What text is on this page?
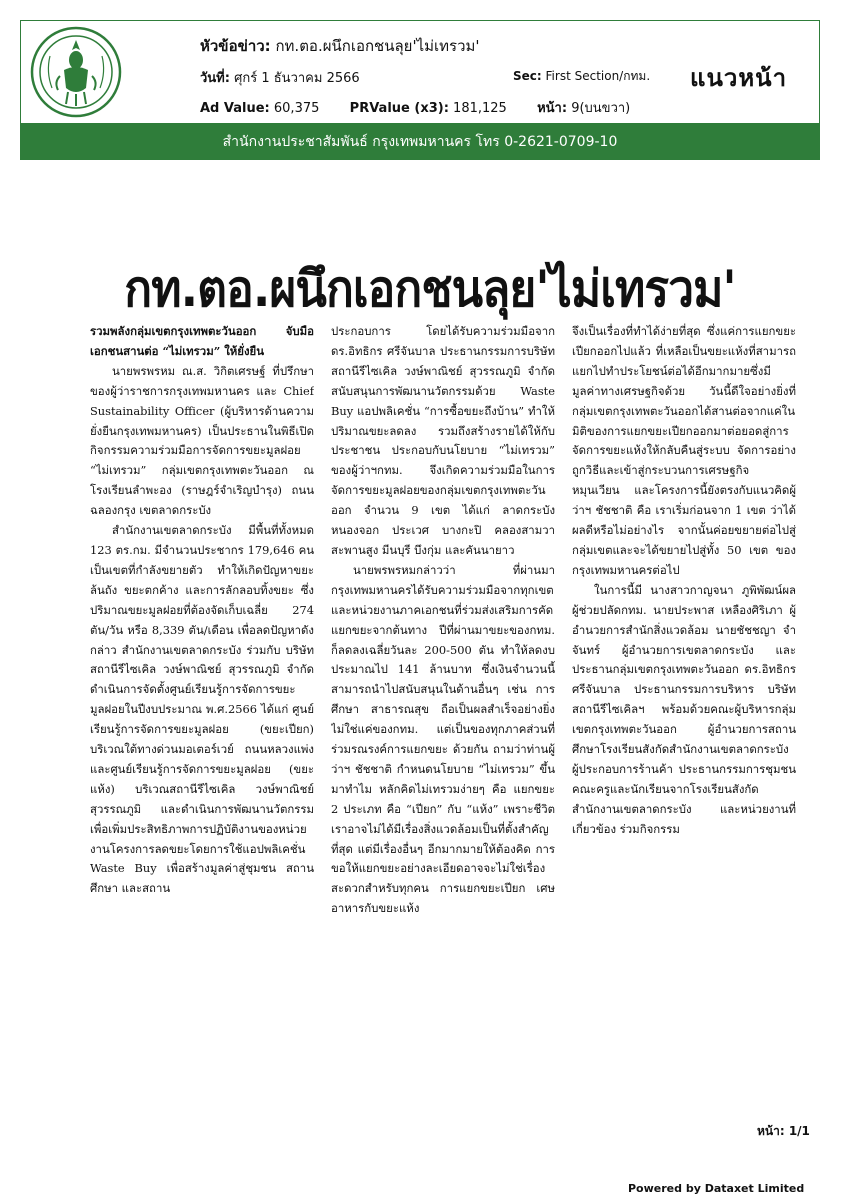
หัวข้อข่าว: กท.ตอ.ผนึกเอกชนลุย'ไม่เทรวม'
วันที่: ศุกร์ 1 ธันวาคม 2566
Ad Value: 60,375 PRValue (x3): 181,125 หน้า: 9(บนขวา)
Sec: First Section/กทม. แนวหน้า
สำนักงานประชาสัมพันธ์ กรุงเทพมหานคร โทร 0-2621-0709-10
กท.ตอ.ผนึกเอกชนลุย'ไม่เทรวม'

รวมพลังกลุ่มเขตกรุงเทพตะวันออก จับมือเอกชนสานต่อ “ไม่เทรวม” ให้ยั่งยืน

นายพรพรหม ณ.ส. วิกิตเศรษฐ์ ที่ปรึกษาของผู้ว่าราชการกรุงเทพมหานคร และ Chief Sustainability Officer (ผู้บริหารด้านความยั่งยืนกรุงเทพมหานคร) เป็นประธานในพิธีเปิดกิจกรรมความร่วมมือการจัดการขยะมูลฝอย “ไม่เทรวม” กลุ่มเขตกรุงเทพตะวันออก ณ โรงเรียนลำพะอง (ราษฎร์จำเริญบำรุง) ถนนฉลองกรุง เขตลาดกระบัง

สำนักงานเขตลาดกระบัง มีพื้นที่ทั้งหมด 123 ตร.กม. มีจำนวนประชากร 179,646 คน เป็นเขตที่กำลังขยายตัว ทำให้เกิดปัญหาขยะล้นถัง ขยะตกค้าง และการลักลอบทิ้งขยะ ซึ่งปริมาณขยะมูลฝอยที่ต้องจัดเก็บเฉลี่ย 274 ตัน/วัน หรือ 8,339 ตัน/เดือน เพื่อลดปัญหาดังกล่าว สำนักงานเขตลาดกระบัง ร่วมกับ บริษัทสถานีรีไซเคิล วงษ์พาณิชย์ สุวรรณภูมิ จำกัด ดำเนินการจัดตั้งศูนย์เรียนรู้การจัดการขยะมูลฝอยในปีงบประมาณ พ.ศ.2566 ได้แก่ ศูนย์เรียนรู้การจัดการขยะมูลฝอย (ขยะเปียก) บริเวณใต้ทางด่วนมอเตอร์เวย์ ถนนหลวงแพ่ง และศูนย์เรียนรู้การจัดการขยะมูลฝอย (ขยะแห้ง) บริเวณสถานีรีไซเคิล วงษ์พาณิชย์สุวรรณภูมิ และดำเนินการพัฒนานวัตกรรม เพื่อเพิ่มประสิทธิภาพการปฏิบัติงานของหน่วยงานโครงการลดขยะโดยการใช้แอปพลิเคชั่น Waste Buy เพื่อสร้างมูลค่าสู่ชุมชน สถานศึกษา และสถาน

ประกอบการ โดยได้รับความร่วมมือจาก ดร.อิทธิกร ศรีจันบาล ประธานกรรมการบริษัท สถานีรีไซเคิล วงษ์พาณิชย์ สุวรรณภูมิ จำกัด สนับสนุนการพัฒนานวัตกรรมด้วย Waste Buy แอปพลิเคชั่น “การซื้อขยะถึงบ้าน” ทำให้ปริมาณขยะลดลง รวมถึงสร้างรายได้ให้กับประชาชน ประกอบกับนโยบาย “ไม่เทรวม” ของผู้ว่าฯกทม. จึงเกิดความร่วมมือในการจัดการขยะมูลฝอยของกลุ่มเขตกรุงเทพตะวันออก จำนวน 9 เขต ได้แก่ ลาดกระบัง หนองจอก ประเวศ บางกะปิ คลองสามวา สะพานสูง มีนบุรี บึงกุ่ม และคันนายาว

นายพรพรหมกล่าวว่า ที่ผ่านมากรุงเทพมหานครได้รับความร่วมมือจากทุกเขต และหน่วยงานภาคเอกชนที่ร่วมส่งเสริมการคัดแยกขยะจากต้นทาง ปีที่ผ่านมาขยะของกทม. ก็ลดลงเฉลี่ยวันละ 200-500 ตัน ทำให้ลดงบประมาณไป 141 ล้านบาท ซึ่งเงินจำนวนนี้สามารถนำไปสนับสนุนในด้านอื่นๆ เช่น การศึกษา สาธารณสุข ถือเป็นผลสำเร็จอย่างยิ่งไม่ใช่แค่ของกทม. แต่เป็นของทุกภาคส่วนที่ร่วมรณรงค์การแยกขยะ ด้วยกัน ถามว่าท่านผู้ว่าฯ ชัชชาติ กำหนดนโยบาย “ไม่เทรวม” ขึ้นมาทำไม หลักคิดไม่เทรวมง่ายๆ คือ แยกขยะ 2 ประเภท คือ “เปียก” กับ “แห้ง” เพราะชีวิตเราอาจไม่ได้มีเรื่องสิ่งแวดล้อมเป็นที่ตั้งสำคัญที่สุด แต่มีเรื่องอื่นๆ อีกมากมายให้ต้องคิด การขอให้แยกขยะอย่างละเอียดอาจจะไม่ใช่เรื่องสะดวกสำหรับทุกคน การแยกขยะเปียก เศษอาหารกับขยะแห้ง

จึงเป็นเรื่องที่ทำได้ง่ายที่สุด ซึ่งแค่การแยกขยะเปียกออกไปแล้ว ที่เหลือเป็นขยะแห้งที่สามารถแยกไปทำประโยชน์ต่อได้อีกมากมายซึ่งมีมูลค่าทางเศรษฐกิจด้วย วันนี้ดีใจอย่างยิ่งที่กลุ่มเขตกรุงเทพตะวันออกได้สานต่อจากแค่ในมิติของการแยกขยะเปียกออกมาต่อยอดสู่การจัดการขยะแห้งให้กลับคืนสู่ระบบ จัดการอย่างถูกวิธีและเข้าสู่กระบวนการเศรษฐกิจหมุนเวียน และโครงการนี้ยังตรงกับแนวคิดผู้ว่าฯ ชัชชาติ คือ เราเริ่มก่อนจาก 1 เขต ว่าได้ผลดีหรือไม่อย่างไร จากนั้นค่อยขยายต่อไปสู่กลุ่มเขตและจะได้ขยายไปสู่ทั้ง 50 เขต ของกรุงเทพมหานครต่อไป

ในการนี้มี นางสาวกาญจนา ภูพิพัฒน์ผล ผู้ช่วยปลัดกทม. นายประพาส เหลืองศิริเภา ผู้อำนวยการสำนักสิ่งแวดล้อม นายชัชชญา จำจันทร์ ผู้อำนวยการเขตลาดกระบัง และประธานกลุ่มเขตกรุงเทพตะวันออก ดร.อิทธิกร ศรีจันบาล ประธานกรรมการบริหาร บริษัท สถานีรีไซเคิลฯ พร้อมด้วยคณะผู้บริหารกลุ่มเขตกรุงเทพตะวันออก ผู้อำนวยการสถานศึกษาโรงเรียนสังกัดสำนักงานเขตลาดกระบัง ผู้ประกอบการร้านค้า ประธานกรรมการชุมชน คณะครูและนักเรียนจากโรงเรียนสังกัดสำนักงานเขตลาดกระบัง และหน่วยงานที่เกี่ยวข้อง ร่วมกิจกรรม

หน้า: 1/1
Powered by Dataxet Limited
